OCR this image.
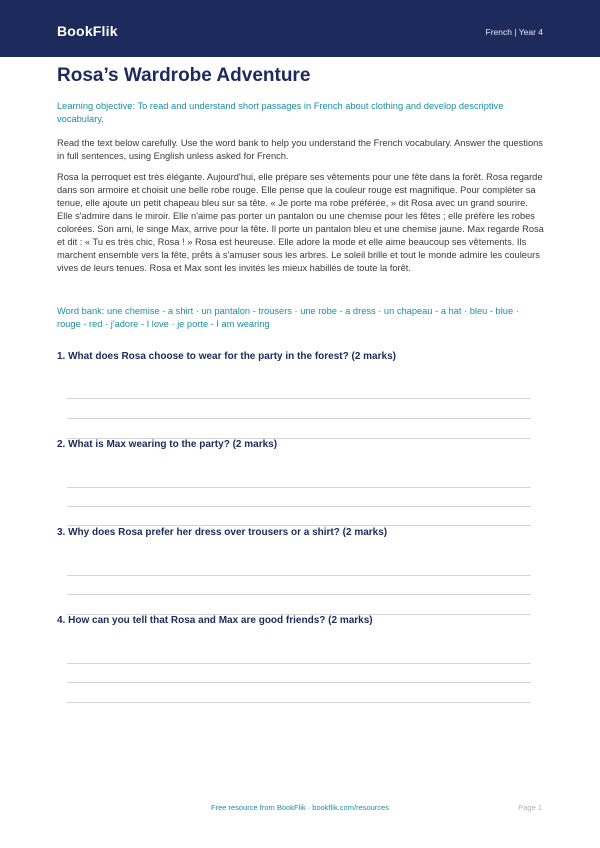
BookFlik	French | Year 4
Rosa’s Wardrobe Adventure

Learning objective: To read and understand short passages in French about clothing and develop descriptive vocabulary.

Read the text below carefully. Use the word bank to help you understand the French vocabulary. Answer the questions in full sentences, using English unless asked for French.

Rosa la perroquet est très élégante. Aujourd'hui, elle prépare ses vêtements pour une fête dans la forêt. Rosa regarde dans son armoire et choisit une belle robe rouge. Elle pense que la couleur rouge est magnifique. Pour compléter sa tenue, elle ajoute un petit chapeau bleu sur sa tête. « Je porte ma robe préférée, » dit Rosa avec un grand sourire. Elle s'admire dans le miroir. Elle n'aime pas porter un pantalon ou une chemise pour les fêtes ; elle préfère les robes colorées. Son ami, le singe Max, arrive pour la fête. Il porte un pantalon bleu et une chemise jaune. Max regarde Rosa et dit : « Tu es très chic, Rosa ! » Rosa est heureuse. Elle adore la mode et elle aime beaucoup ses vêtements. Ils marchent ensemble vers la fête, prêts à s'amuser sous les arbres. Le soleil brille et tout le monde admire les couleurs vives de leurs tenues. Rosa et Max sont les invités les mieux habillés de toute la forêt.

Word bank: une chemise - a shirt · un pantalon - trousers · une robe - a dress · un chapeau - a hat · bleu - blue · rouge - red · j'adore - I love · je porte - I am wearing

1. What does Rosa choose to wear for the party in the forest? (2 marks)

2. What is Max wearing to the party? (2 marks)

3. Why does Rosa prefer her dress over trousers or a shirt? (2 marks)

4. How can you tell that Rosa and Max are good friends? (2 marks)

Free resource from BookFlik · bookflik.com/resources	Page 1
